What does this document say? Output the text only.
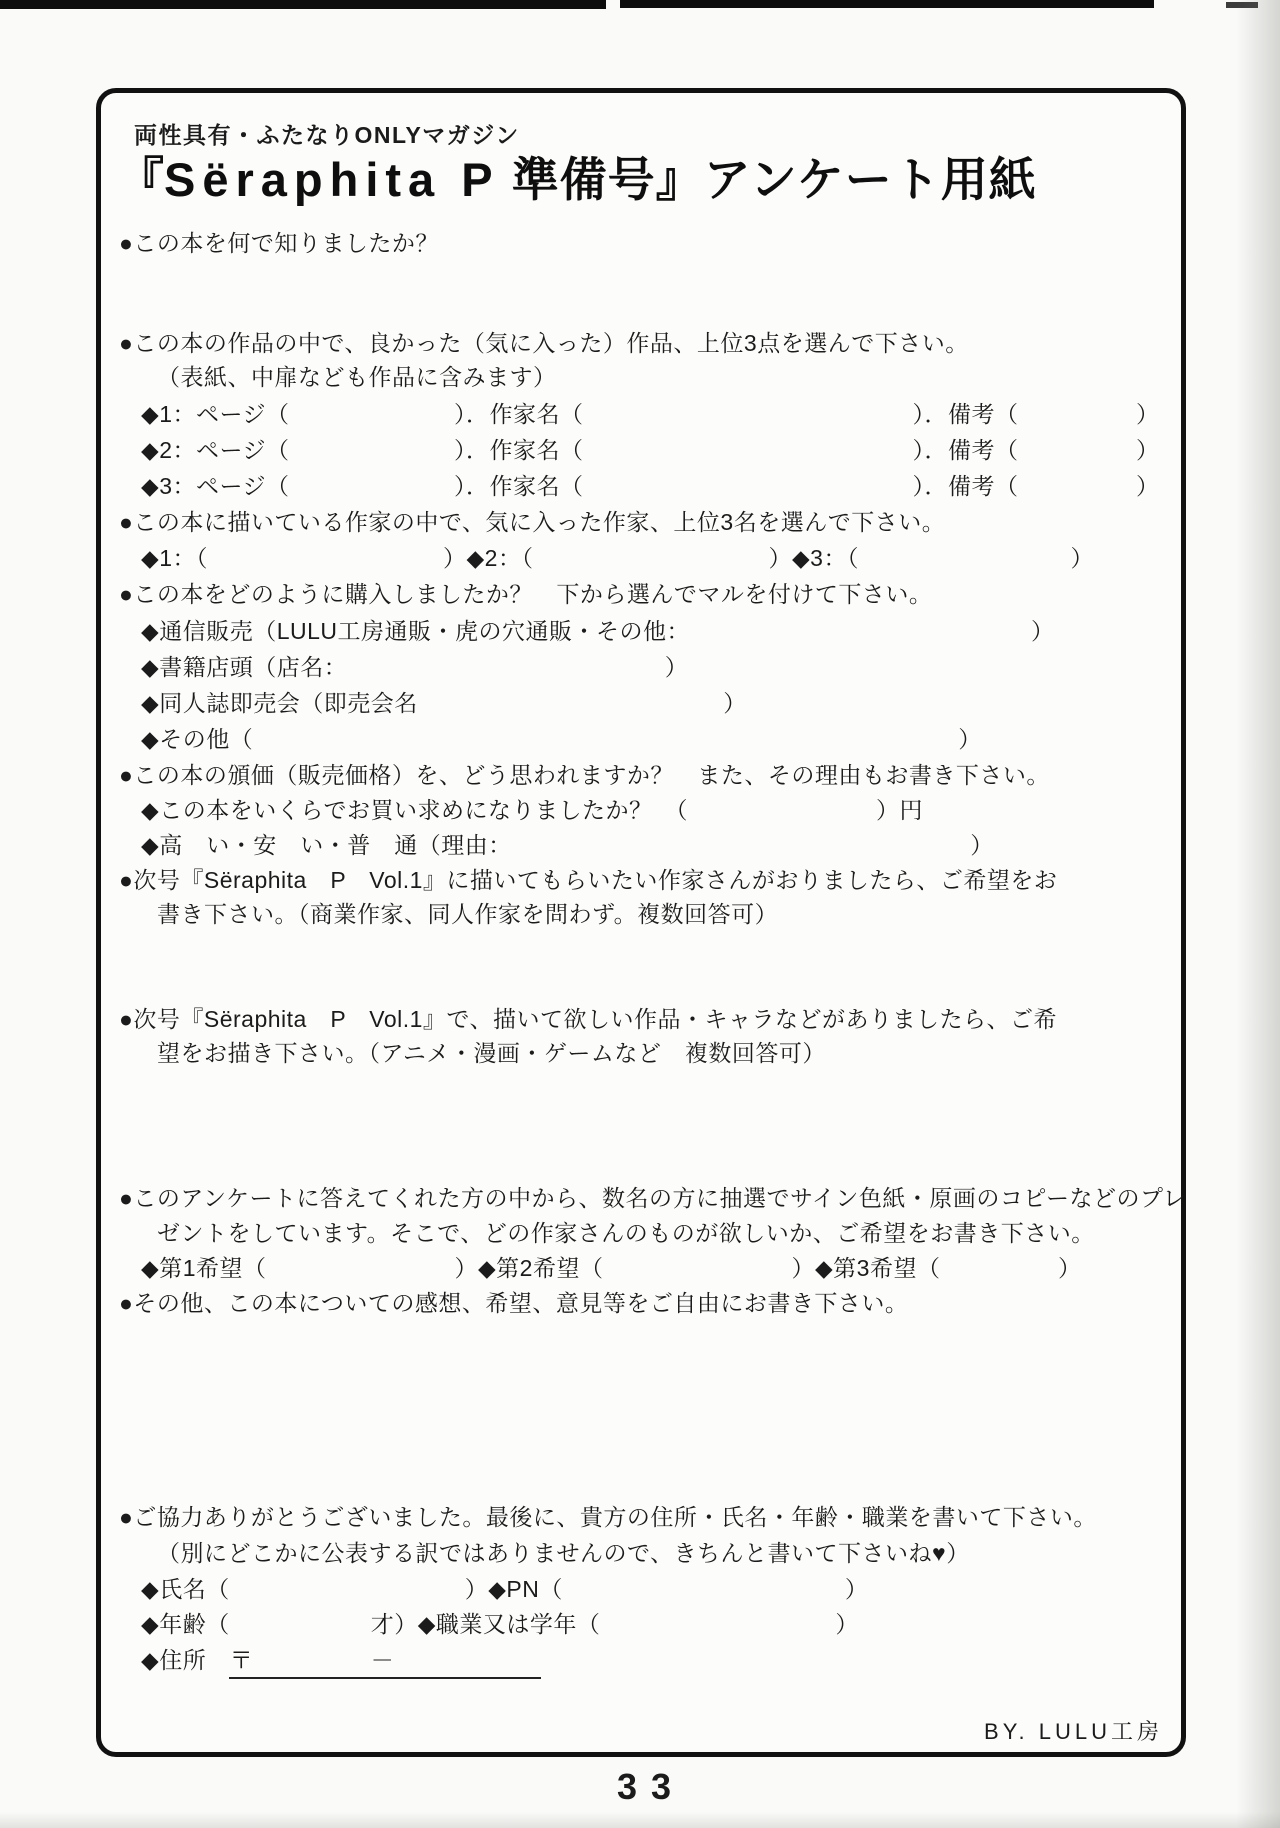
両性具有・ふたなりONLYマガジン
『Sëraphita P 準備号』アンケート用紙
●この本を何で知りましたか？
●この本の作品の中で、良かった（気に入った）作品、上位3点を選んで下さい。
（表紙、中扉なども作品に含みます）
◆1：ページ（　　　　　　　）．作家名（　　　　　　　　　　　　　　）．備考（　　　　　）
◆2：ページ（　　　　　　　）．作家名（　　　　　　　　　　　　　　）．備考（　　　　　）
◆3：ページ（　　　　　　　）．作家名（　　　　　　　　　　　　　　）．備考（　　　　　）
●この本に描いている作家の中で、気に入った作家、上位3名を選んで下さい。
◆1：（　　　　　　　　　　）◆2：（　　　　　　　　　　）◆3：（　　　　　　　　　）
●この本をどのように購入しましたか？　下から選んでマルを付けて下さい。
◆通信販売（LULU工房通販・虎の穴通販・その他：　　　　　　　　　　　　　　　）
◆書籍店頭（店名：　　　　　　　　　　　　　　）
◆同人誌即売会（即売会名　　　　　　　　　　　　　）
◆その他（　　　　　　　　　　　　　　　　　　　　　　　　　　　　　　）
●この本の頒価（販売価格）を、どう思われますか？　また、その理由もお書き下さい。
◆この本をいくらでお買い求めになりましたか？　（　　　　　　　　）円
◆高　い・安　い・普　通（理由：　　　　　　　　　　　　　　　　　　　　）
●次号『Sëraphita　P　Vol.1』に描いてもらいたい作家さんがおりましたら、ご希望をお
書き下さい。（商業作家、同人作家を問わず。複数回答可）
●次号『Sëraphita　P　Vol.1』で、描いて欲しい作品・キャラなどがありましたら、ご希
望をお描き下さい。（アニメ・漫画・ゲームなど　複数回答可）
●このアンケートに答えてくれた方の中から、数名の方に抽選でサイン色紙・原画のコピーなどのプレ
ゼントをしています。そこで、どの作家さんのものが欲しいか、ご希望をお書き下さい。
◆第1希望（　　　　　　　　）◆第2希望（　　　　　　　　）◆第3希望（　　　　　）
●その他、この本についての感想、希望、意見等をご自由にお書き下さい。
●ご協力ありがとうございました。最後に、貴方の住所・氏名・年齢・職業を書いて下さい。
（別にどこかに公表する訳ではありませんので、きちんと書いて下さいね♥）
◆氏名（　　　　　　　　　　）◆PN（　　　　　　　　　　　　）
◆年齢（　　　　　　才）◆職業又は学年（　　　　　　　　　　）
◆住所　〒　　　　　－
BY. LULU工房
33
